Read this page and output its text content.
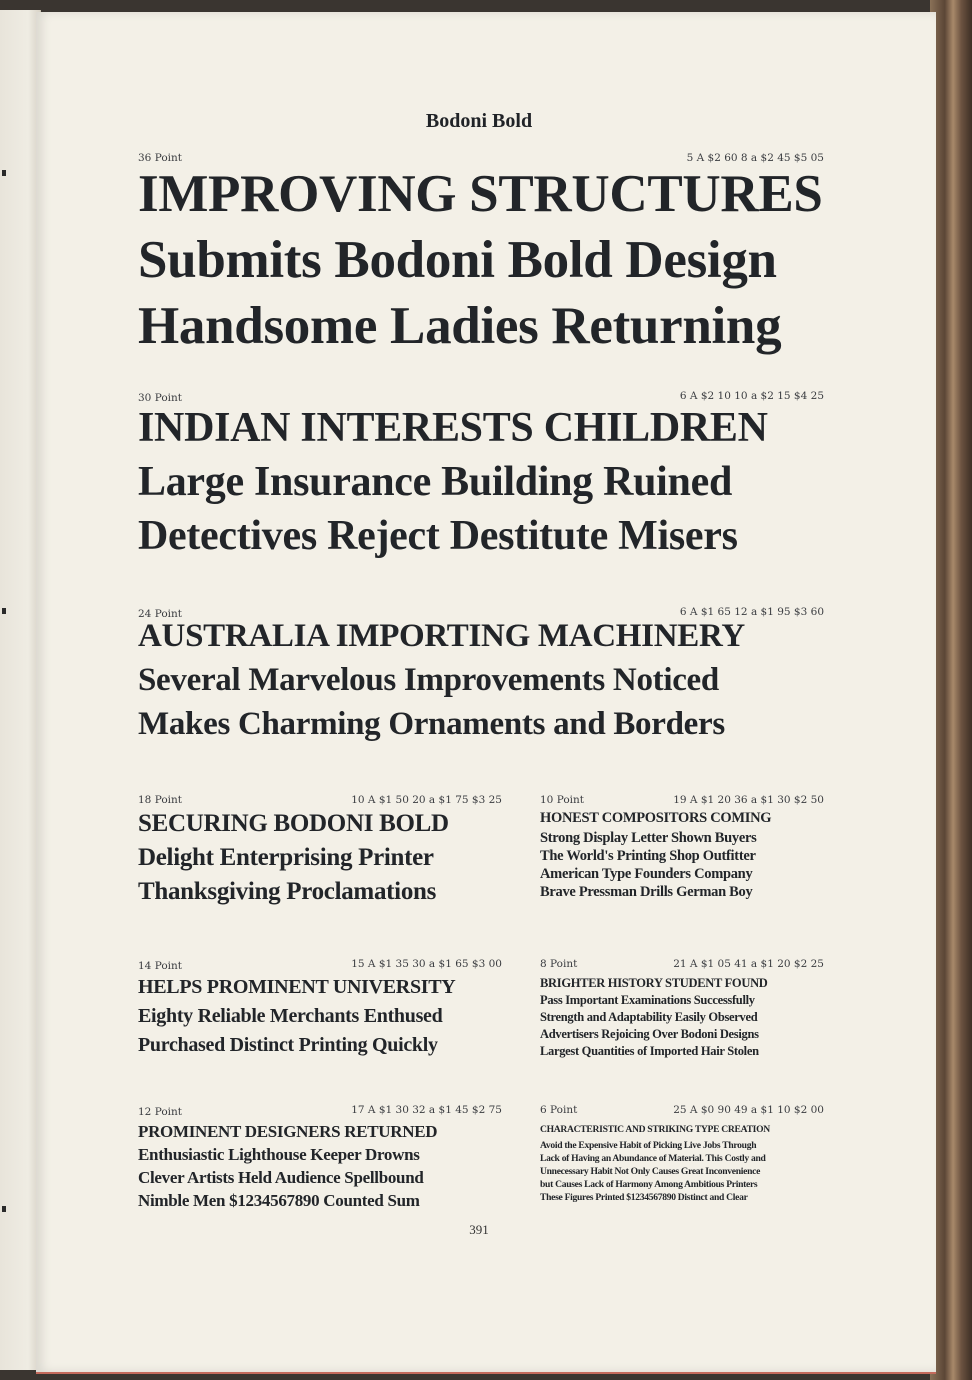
Bodoni Bold
36 Point	5 A $2 60 8 a $2 45 $5 05
IMPROVING STRUCTURES
Submits Bodoni Bold Design
Handsome Ladies Returning
30 Point	6 A $2 10 10 a $2 15 $4 25
INDIAN INTERESTS CHILDREN
Large Insurance Building Ruined
Detectives Reject Destitute Misers
24 Point	6 A $1 65 12 a $1 95 $3 60
AUSTRALIA IMPORTING MACHINERY
Several Marvelous Improvements Noticed
Makes Charming Ornaments and Borders
18 Point	10 A $1 50 20 a $1 75 $3 25
SECURING BODONI BOLD
Delight Enterprising Printer
Thanksgiving Proclamations
10 Point	19 A $1 20 36 a $1 30 $2 50
HONEST COMPOSITORS COMING
Strong Display Letter Shown Buyers
The World's Printing Shop Outfitter
American Type Founders Company
Brave Pressman Drills German Boy
14 Point	15 A $1 35 30 a $1 65 $3 00
HELPS PROMINENT UNIVERSITY
Eighty Reliable Merchants Enthused
Purchased Distinct Printing Quickly
8 Point	21 A $1 05 41 a $1 20 $2 25
BRIGHTER HISTORY STUDENT FOUND
Pass Important Examinations Successfully
Strength and Adaptability Easily Observed
Advertisers Rejoicing Over Bodoni Designs
Largest Quantities of Imported Hair Stolen
12 Point	17 A $1 30 32 a $1 45 $2 75
PROMINENT DESIGNERS RETURNED
Enthusiastic Lighthouse Keeper Drowns
Clever Artists Held Audience Spellbound
Nimble Men $1234567890 Counted Sum
6 Point	25 A $0 90 49 a $1 10 $2 00
CHARACTERISTIC AND STRIKING TYPE CREATION
Avoid the Expensive Habit of Picking Live Jobs Through
Lack of Having an Abundance of Material. This Costly and
Unnecessary Habit Not Only Causes Great Inconvenience
but Causes Lack of Harmony Among Ambitious Printers
These Figures Printed $1234567890 Distinct and Clear
391
